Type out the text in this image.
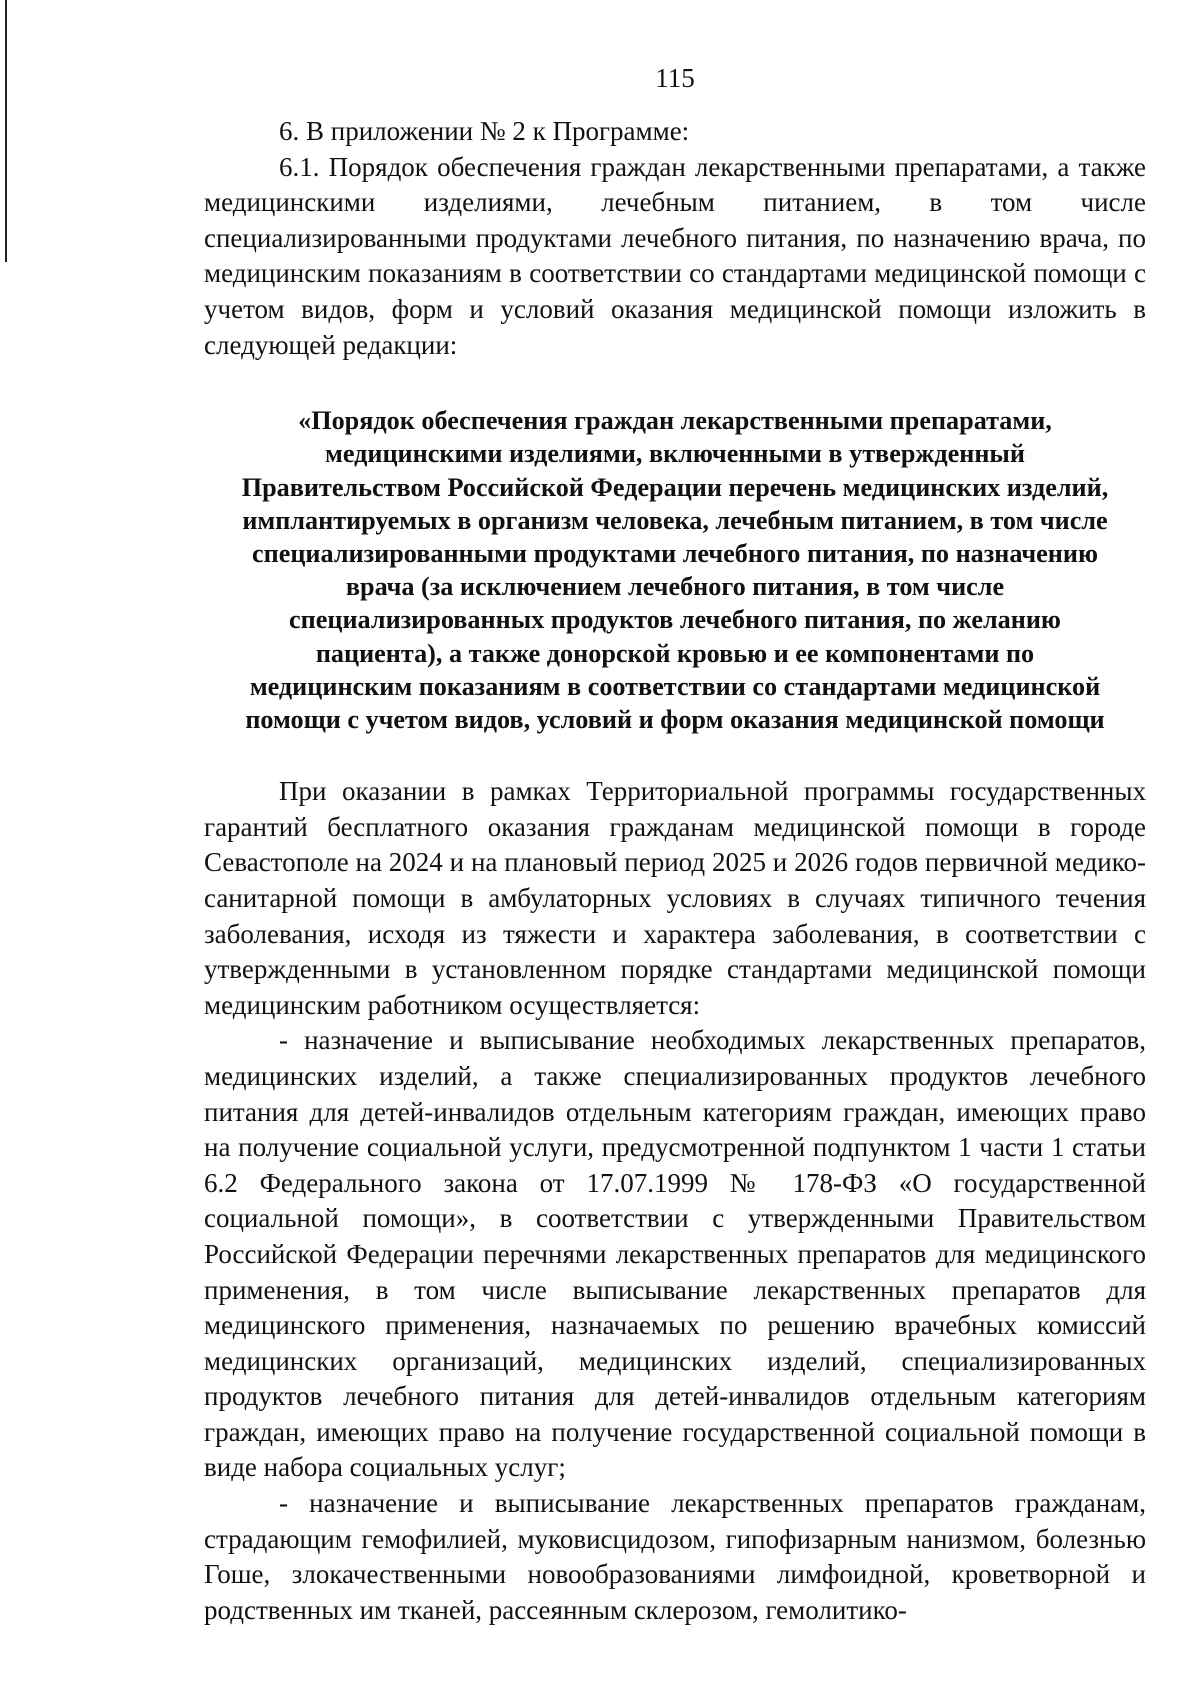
115

6. В приложении № 2 к Программе:

6.1. Порядок обеспечения граждан лекарственными препаратами, а также медицинскими изделиями, лечебным питанием, в том числе специализированными продуктами лечебного питания, по назначению врача, по медицинским показаниям в соответствии со стандартами медицинской помощи с учетом видов, форм и условий оказания медицинской помощи изложить в следующей редакции:

«Порядок обеспечения граждан лекарственными препаратами,
медицинскими изделиями, включенными в утвержденный
Правительством Российской Федерации перечень медицинских изделий,
имплантируемых в организм человека, лечебным питанием, в том числе
специализированными продуктами лечебного питания, по назначению
врача (за исключением лечебного питания, в том числе
специализированных продуктов лечебного питания, по желанию
пациента), а также донорской кровью и ее компонентами по
медицинским показаниям в соответствии со стандартами медицинской
помощи с учетом видов, условий и форм оказания медицинской помощи

При оказании в рамках Территориальной программы государственных гарантий бесплатного оказания гражданам медицинской помощи в городе Севастополе на 2024 и на плановый период 2025 и 2026 годов первичной медико-санитарной помощи в амбулаторных условиях в случаях типичного течения заболевания, исходя из тяжести и характера заболевания, в соответствии с утвержденными в установленном порядке стандартами медицинской помощи медицинским работником осуществляется:

- назначение и выписывание необходимых лекарственных препаратов, медицинских изделий, а также специализированных продуктов лечебного питания для детей-инвалидов отдельным категориям граждан, имеющих право на получение социальной услуги, предусмотренной подпунктом 1 части 1 статьи 6.2 Федерального закона от 17.07.1999 № 178-ФЗ «О государственной социальной помощи», в соответствии с утвержденными Правительством Российской Федерации перечнями лекарственных препаратов для медицинского применения, в том числе выписывание лекарственных препаратов для медицинского применения, назначаемых по решению врачебных комиссий медицинских организаций, медицинских изделий, специализированных продуктов лечебного питания для детей-инвалидов отдельным категориям граждан, имеющих право на получение государственной социальной помощи в виде набора социальных услуг;

- назначение и выписывание лекарственных препаратов гражданам, страдающим гемофилией, муковисцидозом, гипофизарным нанизмом, болезнью Гоше, злокачественными новообразованиями лимфоидной, кроветворной и родственных им тканей, рассеянным склерозом, гемолитико-
